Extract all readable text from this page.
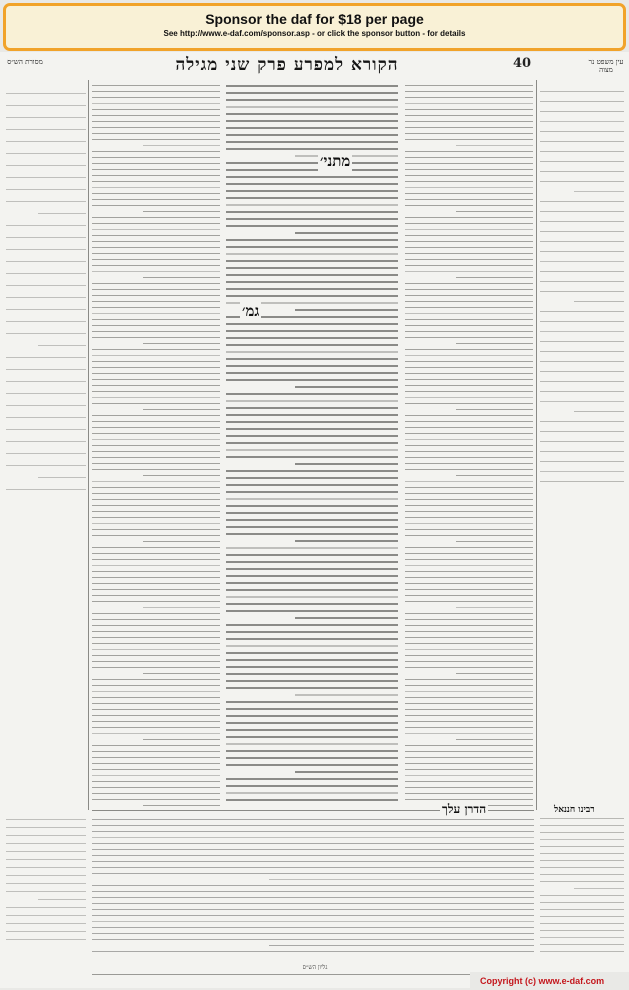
Sponsor the daf for $18 per page
See http://www.e-daf.com/sponsor.asp - or click the sponsor button - for details
הקורא למפרע פרק שני מגילה	40	עין משפט נר מצוה
מסורת הש״ס
מתני׳
גמ׳
הדרן עלך	רבינו חננאל
גליון הש״ס
Copyright (c) www.e-daf.com
